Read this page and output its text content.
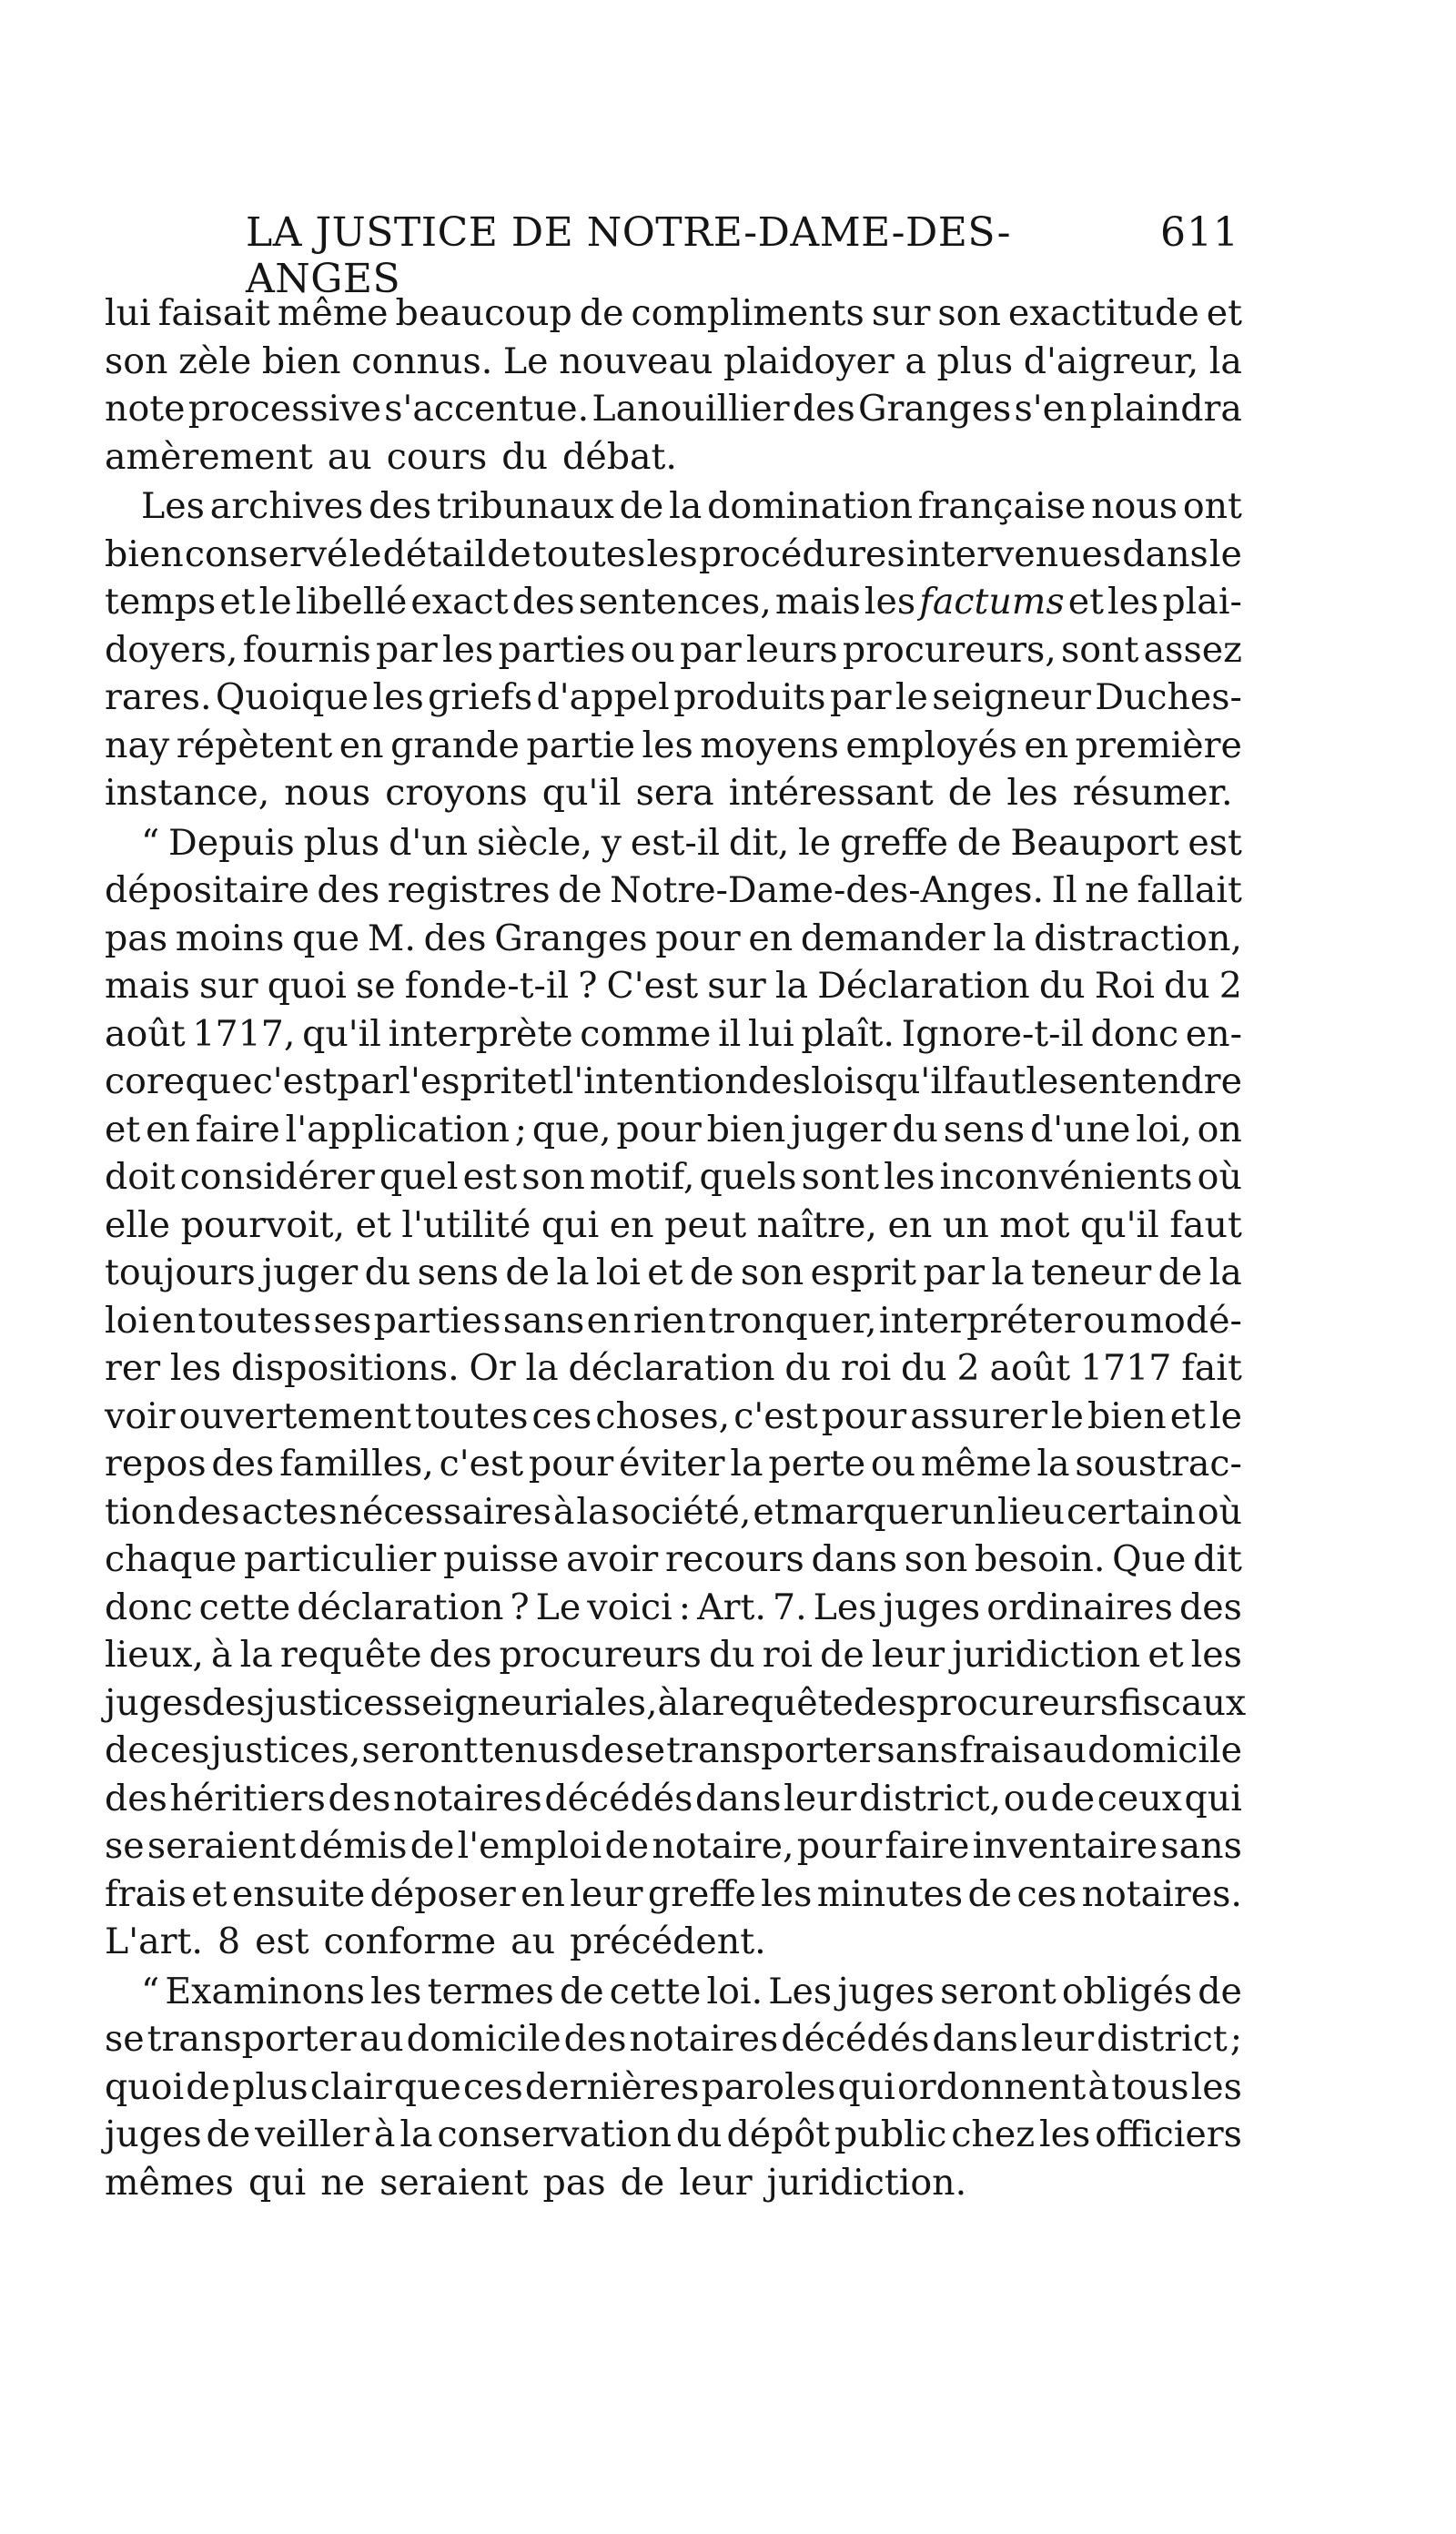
LA JUSTICE DE NOTRE-DAME-DES-ANGES
611
lui faisait même beaucoup de compliments sur son exactitude et
son zèle bien connus. Le nouveau plaidoyer a plus d'aigreur, la
note processive s'accentue. Lanouillier des Granges s'en plaindra
amèrement au cours du débat.
Les archives des tribunaux de la domination française nous ont
bien conservé le détail de toutes les procédures intervenues dans le
temps et le libellé exact des sentences, mais les factums et les plai-
doyers, fournis par les parties ou par leurs procureurs, sont assez
rares. Quoique les griefs d'appel produits par le seigneur Duches-
nay répètent en grande partie les moyens employés en première
instance, nous croyons qu'il sera intéressant de les résumer.
“ Depuis plus d'un siècle, y est-il dit, le greffe de Beauport est
dépositaire des registres de Notre-Dame-des-Anges. Il ne fallait
pas moins que M. des Granges pour en demander la distraction,
mais sur quoi se fonde-t-il ? C'est sur la Déclaration du Roi du 2
août 1717, qu'il interprète comme il lui plaît. Ignore-t-il donc en-
core que c'est par l'esprit et l'intention des lois qu'il faut les entendre
et en faire l'application ; que, pour bien juger du sens d'une loi, on
doit considérer quel est son motif, quels sont les inconvénients où
elle pourvoit, et l'utilité qui en peut naître, en un mot qu'il faut
toujours juger du sens de la loi et de son esprit par la teneur de la
loi en toutes ses parties sans en rien tronquer, interpréter ou modé-
rer les dispositions. Or la déclaration du roi du 2 août 1717 fait
voir ouvertement toutes ces choses, c'est pour assurer le bien et le
repos des familles, c'est pour éviter la perte ou même la soustrac-
tion des actes nécessaires à la société, et marquer un lieu certain où
chaque particulier puisse avoir recours dans son besoin. Que dit
donc cette déclaration ? Le voici : Art. 7. Les juges ordinaires des
lieux, à la requête des procureurs du roi de leur juridiction et les
juges des justices seigneuriales, à la requête des procureurs fiscaux
de ces justices, seront tenus de se transporter sans frais au domicile
des héritiers des notaires décédés dans leur district, ou de ceux qui
se seraient démis de l'emploi de notaire, pour faire inventaire sans
frais et ensuite déposer en leur greffe les minutes de ces notaires.
L'art. 8 est conforme au précédent.
“ Examinons les termes de cette loi. Les juges seront obligés de
se transporter au domicile des notaires décédés dans leur district ;
quoi de plus clair que ces dernières paroles qui ordonnent à tous les
juges de veiller à la conservation du dépôt public chez les officiers
mêmes qui ne seraient pas de leur juridiction.
